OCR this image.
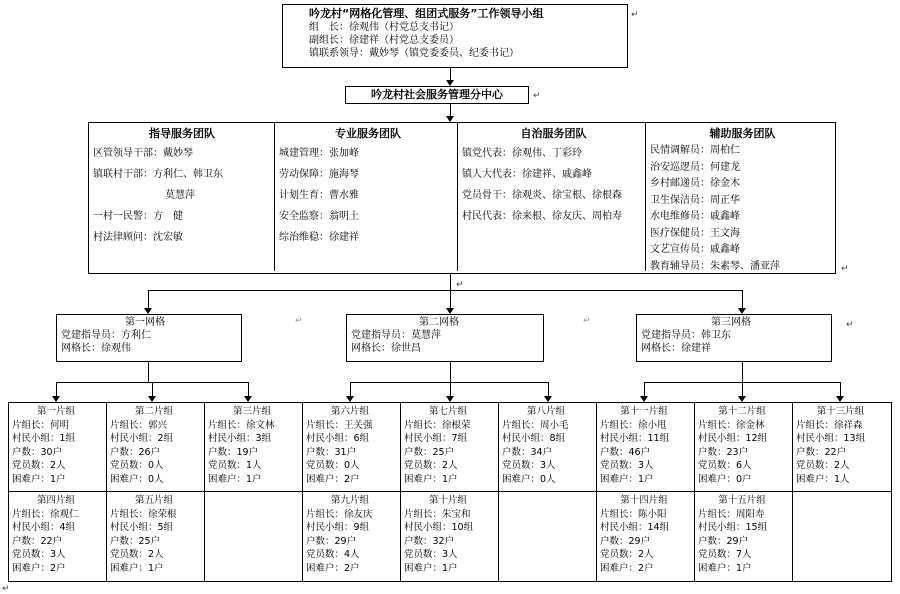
吟龙村“网格化管理、组团式服务”工作领导小组
组　长：徐观伟（村党总支书记）
副组长：徐建祥（村党总支委员）
镇联系领导：戴妙琴（镇党委委员、纪委书记）
吟龙村社会服务管理分中心
指导服务团队
区管领导干部：戴妙琴
镇联村干部：方利仁、韩卫东
莫慧萍
一村一民警：方　健
村法律顾问：沈宏敏
专业服务团队
城建管理：张加峰
劳动保障：施海琴
计划生育：曹水雅
安全监察：翁明土
综治维稳：徐建祥
自治服务团队
镇党代表：徐观伟、丁彩玲
镇人大代表：徐建祥、戚鑫峰
党员骨干：徐观炎、徐宝根、徐根森
村民代表：徐来根、徐友庆、周柏寿
辅助服务团队
民情调解员：周柏仁
治安巡逻员：何建龙
乡村邮递员：徐金木
卫生保洁员：周正华
水电维修员：戚鑫峰
医疗保健员：王文海
文艺宣传员：戚鑫峰
教育辅导员：朱素琴、潘亚萍
第一网格
党建指导员：方利仁
网格长：徐观伟
第二网格
党建指导员：莫慧萍
网格长：徐世昌
第三网格
党建指导员：韩卫东
网格长：徐建祥
第一片组
片组长：何明
村民小组：1组
户数：30户
党员数：2人
困难户：1户
第二片组
片组长：郭兴
村民小组：2组
户数：26户
党员数：0人
困难户：0人
第三片组
片组长：徐文林
村民小组：3组
户数：19户
党员数：1人
困难户：1户
第六片组
片组长：王关强
村民小组：6组
户数：31户
党员数：0人
困难户：2户
第七片组
片组长：徐根荣
村民小组：7组
户数：25户
党员数：2人
困难户：1户
第八片组
片组长：周小毛
村民小组：8组
户数：34户
党员数：3人
困难户：0人
第十一片组
片组长：徐小甩
村民小组：11组
户数：46户
党员数：3人
困难户：1户
第十二片组
片组长：徐金林
村民小组：12组
户数：23户
党员数：6人
困难户：0户
第十三片组
片组长：徐祥森
村民小组：13组
户数：22户
党员数：2人
困难户：1人
第四片组
片组长：徐观仁
村民小组：4组
户数：22户
党员数：3人
困难户：2户
第五片组
片组长：徐荣根
村民小组：5组
户数：25户
党员数：2人
困难户：1户
第九片组
片组长：徐友庆
村民小组：9组
户数：29户
党员数：4人
困难户：2户
第十片组
片组长：朱宝和
村民小组：10组
户数：32户
党员数：3人
困难户：1户
第十四片组
片组长：陈小阳
村民小组：14组
户数：29户
党员数：2人
困难户：2户
第十五片组
片组长：周阳寿
村民小组：15组
户数：29户
党员数：7人
困难户：1户
↵
↵
↵
↵
↵	↵	↵
↵
